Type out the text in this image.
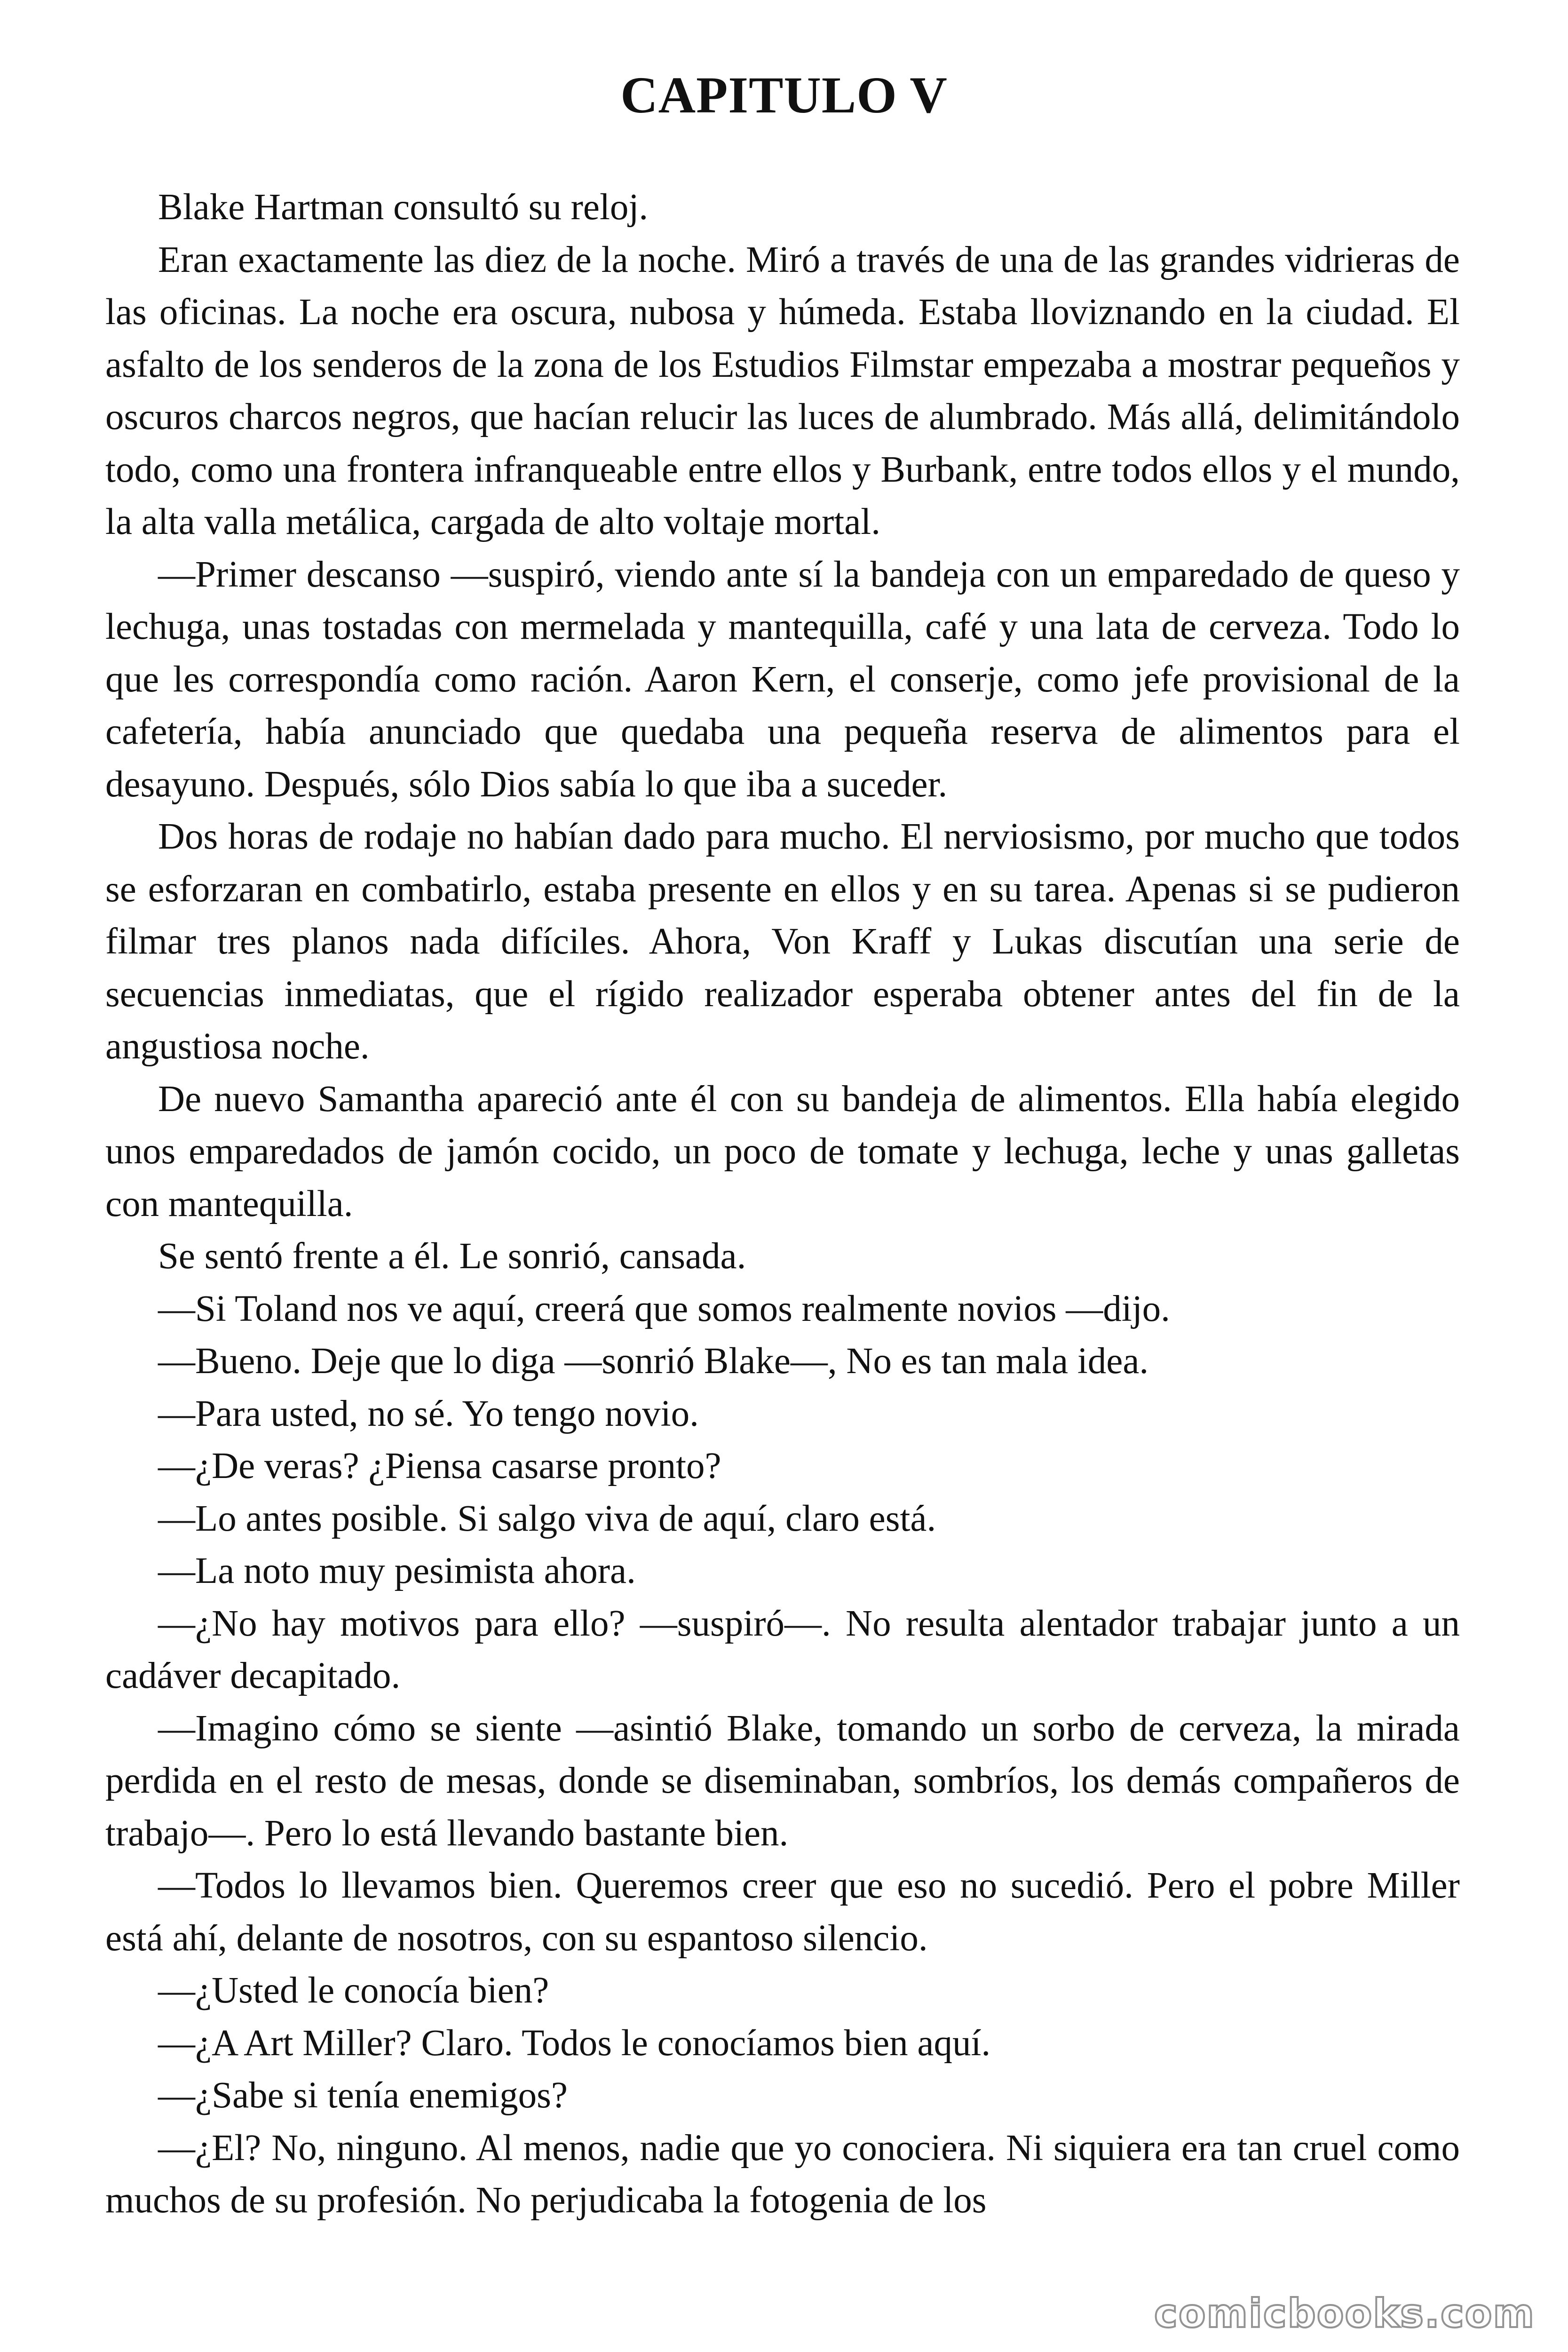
CAPITULO V

Blake Hartman consultó su reloj.

Eran exactamente las diez de la noche. Miró a través de una de las grandes vidrieras de las oficinas. La noche era oscura, nubosa y húmeda. Estaba lloviznando en la ciudad. El asfalto de los senderos de la zona de los Estudios Filmstar empezaba a mostrar pequeños y oscuros charcos negros, que hacían relucir las luces de alumbrado. Más allá, delimitándolo todo, como una frontera infranqueable entre ellos y Burbank, entre todos ellos y el mundo, la alta valla metálica, cargada de alto voltaje mortal.

—Primer descanso —suspiró, viendo ante sí la bandeja con un emparedado de queso y lechuga, unas tostadas con mermelada y mantequilla, café y una lata de cerveza. Todo lo que les correspondía como ración. Aaron Kern, el conserje, como jefe provisional de la cafetería, había anunciado que quedaba una pequeña reserva de alimentos para el desayuno. Después, sólo Dios sabía lo que iba a suceder.

Dos horas de rodaje no habían dado para mucho. El nerviosismo, por mucho que todos se esforzaran en combatirlo, estaba presente en ellos y en su tarea. Apenas si se pudieron filmar tres planos nada difíciles. Ahora, Von Kraff y Lukas discutían una serie de secuencias inmediatas, que el rígido realizador esperaba obtener antes del fin de la angustiosa noche.

De nuevo Samantha apareció ante él con su bandeja de alimentos. Ella había elegido unos emparedados de jamón cocido, un poco de tomate y lechuga, leche y unas galletas con mantequilla.

Se sentó frente a él. Le sonrió, cansada.

—Si Toland nos ve aquí, creerá que somos realmente novios —dijo.

—Bueno. Deje que lo diga —sonrió Blake—, No es tan mala idea.

—Para usted, no sé. Yo tengo novio.

—¿De veras? ¿Piensa casarse pronto?

—Lo antes posible. Si salgo viva de aquí, claro está.

—La noto muy pesimista ahora.

—¿No hay motivos para ello? —suspiró—. No resulta alentador trabajar junto a un cadáver decapitado.

—Imagino cómo se siente —asintió Blake, tomando un sorbo de cerveza, la mirada perdida en el resto de mesas, donde se diseminaban, sombríos, los demás compañeros de trabajo—. Pero lo está llevando bastante bien.

—Todos lo llevamos bien. Queremos creer que eso no sucedió. Pero el pobre Miller está ahí, delante de nosotros, con su espantoso silencio.

—¿Usted le conocía bien?

—¿A Art Miller? Claro. Todos le conocíamos bien aquí.

—¿Sabe si tenía enemigos?

—¿El? No, ninguno. Al menos, nadie que yo conociera. Ni siquiera era tan cruel como muchos de su profesión. No perjudicaba la fotogenia de los

comicbooks.com
